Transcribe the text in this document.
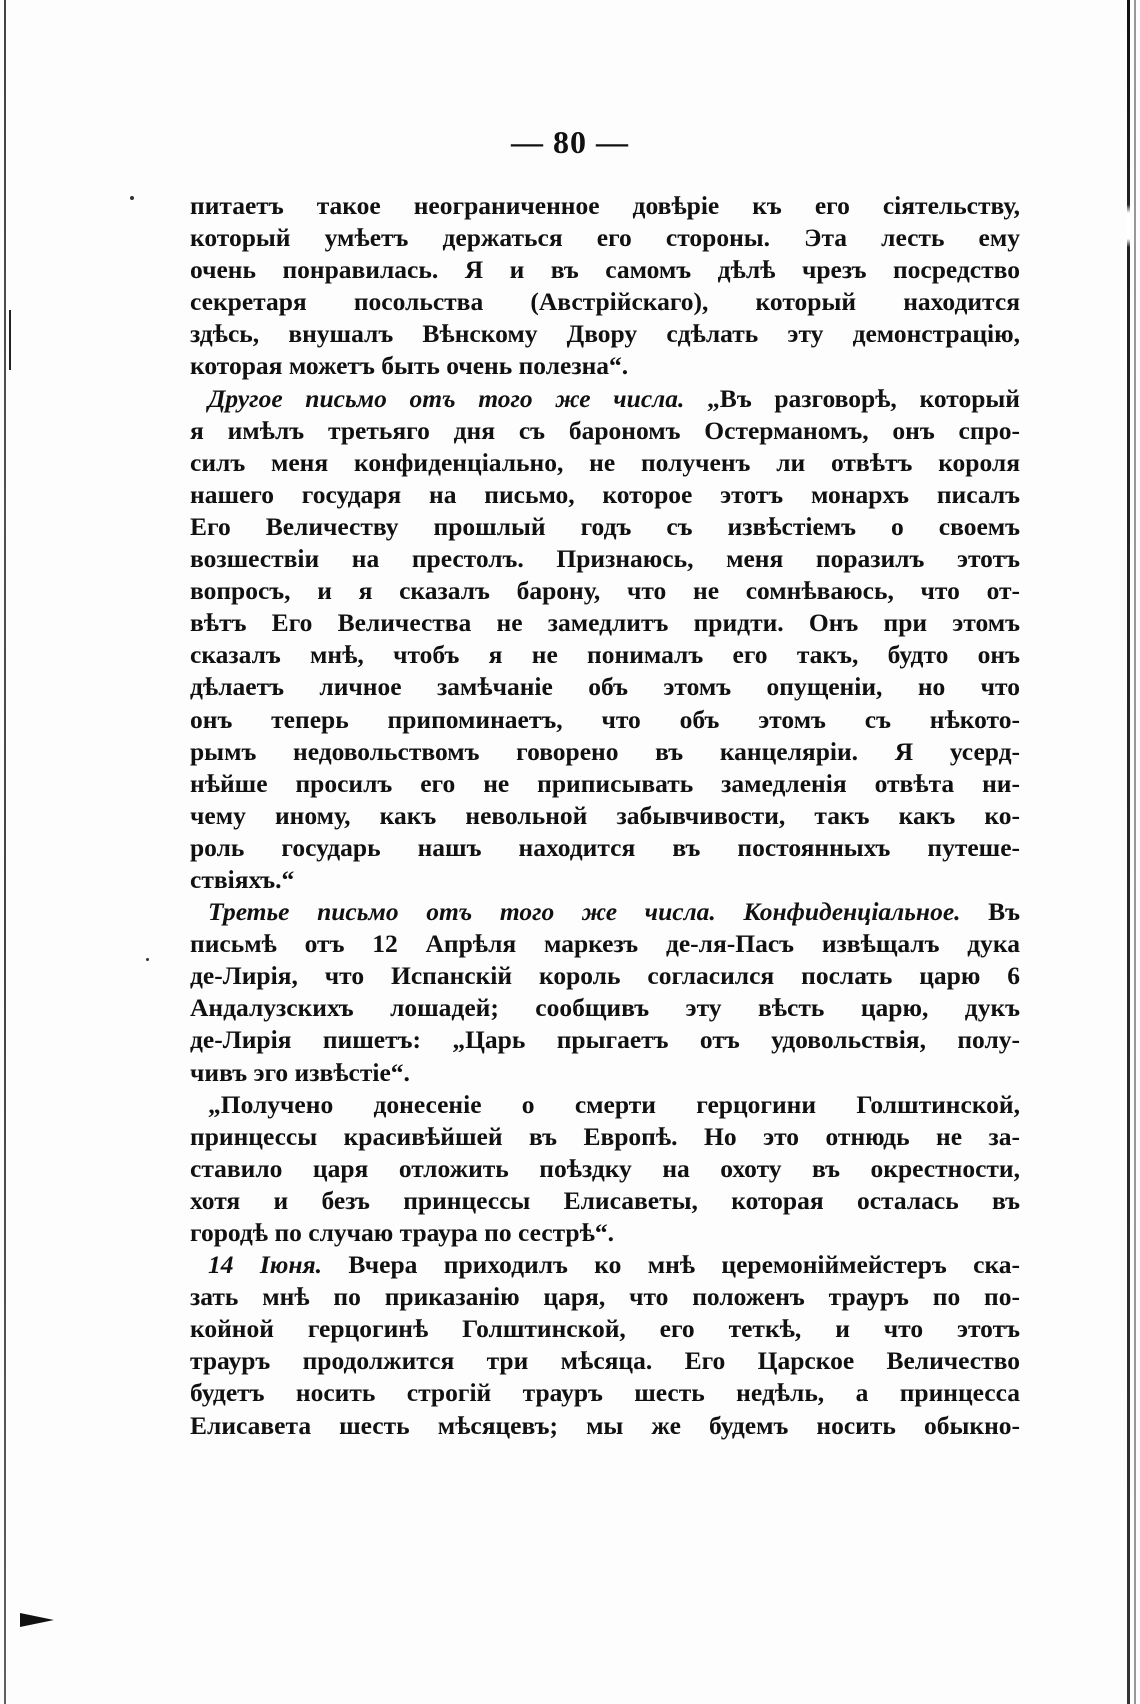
— 80 —
питаетъ такое неограниченное довѣріе къ его сіятельству,
который умѣетъ держаться его стороны. Эта лесть ему
очень понравилась. Я и въ самомъ дѣлѣ чрезъ посредство
секретаря посольства (Австрійскаго), который находится
здѣсь, внушалъ Вѣнскому Двору сдѣлать эту демонстрацію,
которая можетъ быть очень полезна“.
Другое письмо отъ того же числа. „Въ разговорѣ, который
я имѣлъ третьяго дня съ барономъ Остерманомъ, онъ спро-
силъ меня конфиденціально, не полученъ ли отвѣтъ короля
нашего государя на письмо, которое этотъ монархъ писалъ
Его Величеству прошлый годъ съ извѣстіемъ о своемъ
возшествіи на престолъ. Признаюсь, меня поразилъ этотъ
вопросъ, и я сказалъ барону, что не сомнѣваюсь, что от-
вѣтъ Его Величества не замедлитъ придти. Онъ при этомъ
сказалъ мнѣ, чтобъ я не понималъ его такъ, будто онъ
дѣлаетъ личное замѣчаніе объ этомъ опущеніи, но что
онъ теперь припоминаетъ, что объ этомъ съ нѣкото-
рымъ недовольствомъ говорено въ канцеляріи. Я усерд-
нѣйше просилъ его не приписывать замедленія отвѣта ни-
чему иному, какъ невольной забывчивости, такъ какъ ко-
роль государь нашъ находится въ постоянныхъ путеше-
ствіяхъ.“
Третье письмо отъ того же числа. Конфиденціальное. Въ
письмѣ отъ 12 Апрѣля маркезъ де-ля-Пасъ извѣщалъ дука
де-Лирія, что Испанскій король согласился послать царю 6
Андалузскихъ лошадей; сообщивъ эту вѣсть царю, дукъ
де-Лирія пишетъ: „Царь прыгаетъ отъ удовольствія, полу-
чивъ эго извѣстіе“.
„Получено донесеніе о смерти герцогини Голштинской,
принцессы красивѣйшей въ Европѣ. Но это отнюдь не за-
ставило царя отложить поѣздку на охоту въ окрестности,
хотя и безъ принцессы Елисаветы, которая осталась въ
городѣ по случаю траура по сестрѣ“.
14 Іюня. Вчера приходилъ ко мнѣ церемоніймейстеръ ска-
зать мнѣ по приказанію царя, что положенъ трауръ по по-
койной герцогинѣ Голштинской, его теткѣ, и что этотъ
трауръ продолжится три мѣсяца. Его Царское Величество
будетъ носить строгій трауръ шесть недѣль, а принцесса
Елисавета шесть мѣсяцевъ; мы же будемъ носить обыкно-
